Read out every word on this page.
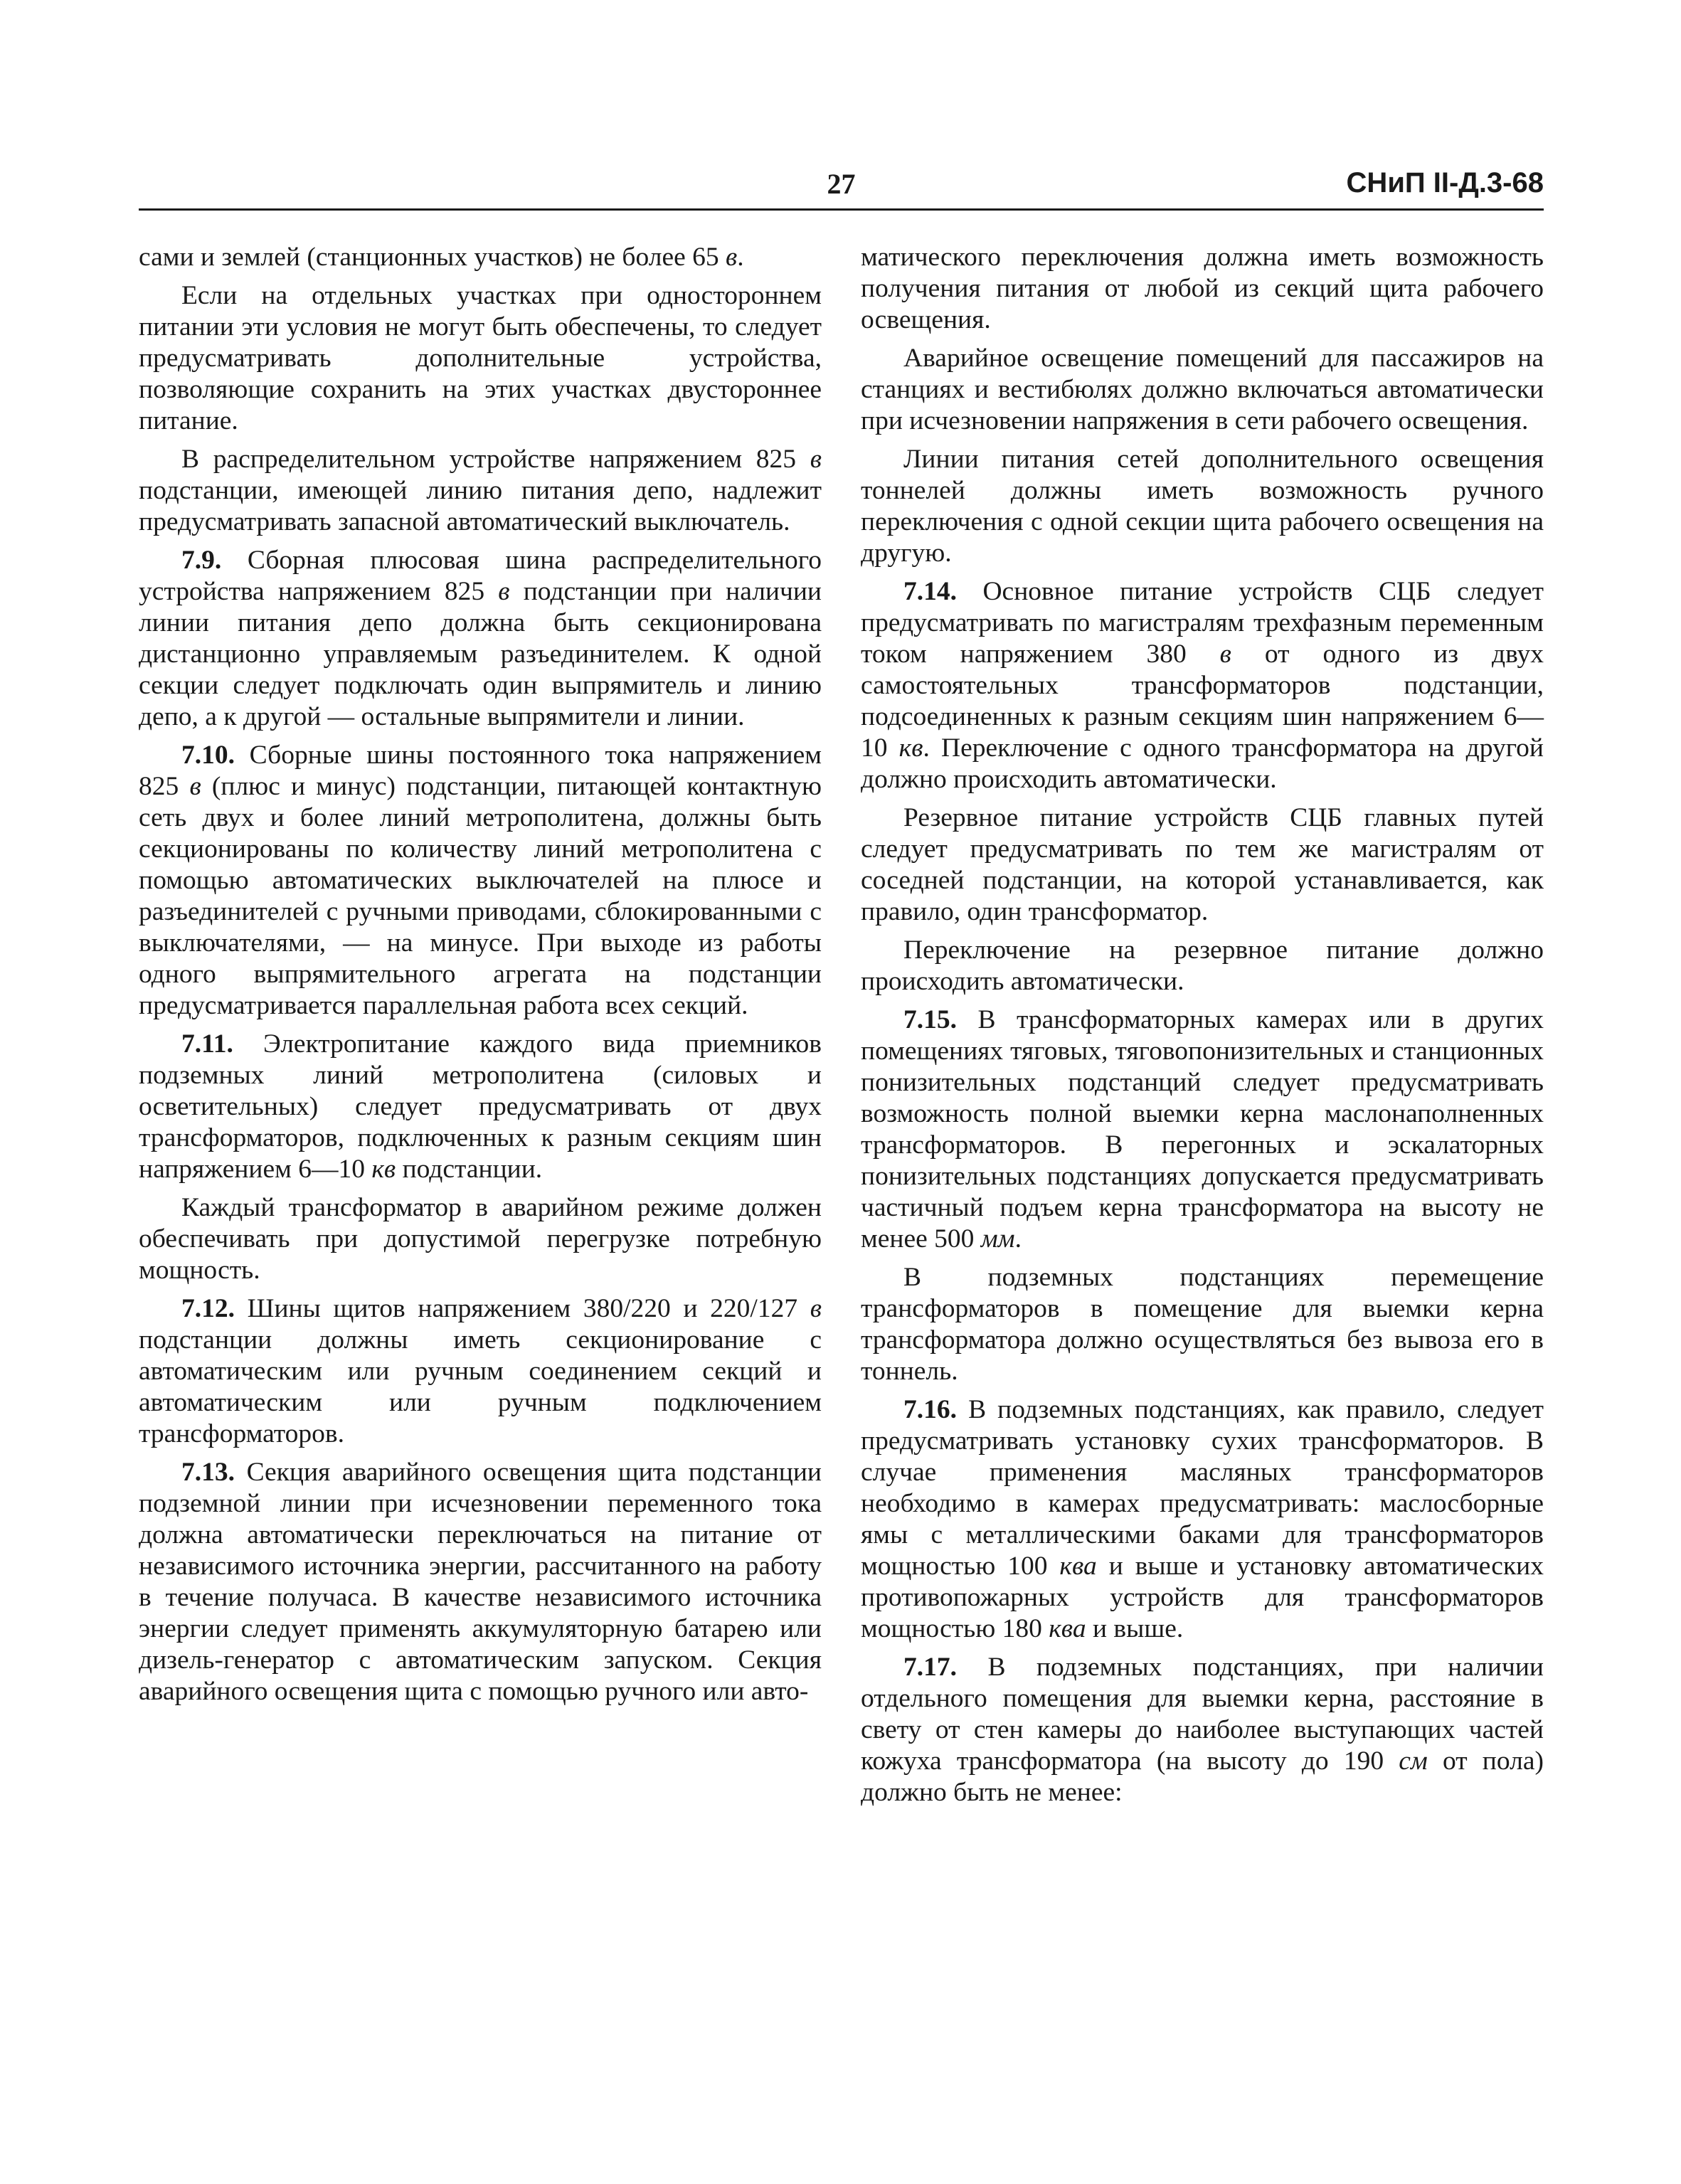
27	СНиП II-Д.3-68

сами и землей (станционных участков) не более 65 в.

Если на отдельных участках при одностороннем питании эти условия не могут быть обеспечены, то следует предусматривать дополнительные устройства, позволяющие сохранить на этих участках двустороннее питание.

В распределительном устройстве напряжением 825 в подстанции, имеющей линию питания депо, надлежит предусматривать запасной автоматический выключатель.

7.9. Сборная плюсовая шина распределительного устройства напряжением 825 в подстанции при наличии линии питания депо должна быть секционирована дистанционно управляемым разъединителем. К одной секции следует подключать один выпрямитель и линию депо, а к другой — остальные выпрямители и линии.

7.10. Сборные шины постоянного тока напряжением 825 в (плюс и минус) подстанции, питающей контактную сеть двух и более линий метрополитена, должны быть секционированы по количеству линий метрополитена с помощью автоматических выключателей на плюсе и разъединителей с ручными приводами, сблокированными с выключателями, — на минусе. При выходе из работы одного выпрямительного агрегата на подстанции предусматривается параллельная работа всех секций.

7.11. Электропитание каждого вида приемников подземных линий метрополитена (силовых и осветительных) следует предусматривать от двух трансформаторов, подключенных к разным секциям шин напряжением 6—10 кв подстанции.

Каждый трансформатор в аварийном режиме должен обеспечивать при допустимой перегрузке потребную мощность.

7.12. Шины щитов напряжением 380/220 и 220/127 в подстанции должны иметь секционирование с автоматическим или ручным соединением секций и автоматическим или ручным подключением трансформаторов.

7.13. Секция аварийного освещения щита подстанции подземной линии при исчезновении переменного тока должна автоматически переключаться на питание от независимого источника энергии, рассчитанного на работу в течение получаса. В качестве независимого источника энергии следует применять аккумуляторную батарею или дизель-генератор с автоматическим запуском. Секция аварийного освещения щита с помощью ручного или авто-

матического переключения должна иметь возможность получения питания от любой из секций щита рабочего освещения.

Аварийное освещение помещений для пассажиров на станциях и вестибюлях должно включаться автоматически при исчезновении напряжения в сети рабочего освещения.

Линии питания сетей дополнительного освещения тоннелей должны иметь возможность ручного переключения с одной секции щита рабочего освещения на другую.

7.14. Основное питание устройств СЦБ следует предусматривать по магистралям трехфазным переменным током напряжением 380 в от одного из двух самостоятельных трансформаторов подстанции, подсоединенных к разным секциям шин напряжением 6—10 кв. Переключение с одного трансформатора на другой должно происходить автоматически.

Резервное питание устройств СЦБ главных путей следует предусматривать по тем же магистралям от соседней подстанции, на которой устанавливается, как правило, один трансформатор.

Переключение на резервное питание должно происходить автоматически.

7.15. В трансформаторных камерах или в других помещениях тяговых, тяговопонизительных и станционных понизительных подстанций следует предусматривать возможность полной выемки керна маслонаполненных трансформаторов. В перегонных и эскалаторных понизительных подстанциях допускается предусматривать частичный подъем керна трансформатора на высоту не менее 500 мм.

В подземных подстанциях перемещение трансформаторов в помещение для выемки керна трансформатора должно осуществляться без вывоза его в тоннель.

7.16. В подземных подстанциях, как правило, следует предусматривать установку сухих трансформаторов. В случае применения масляных трансформаторов необходимо в камерах предусматривать: маслосборные ямы с металлическими баками для трансформаторов мощностью 100 ква и выше и установку автоматических противопожарных устройств для трансформаторов мощностью 180 ква и выше.

7.17. В подземных подстанциях, при наличии отдельного помещения для выемки керна, расстояние в свету от стен камеры до наиболее выступающих частей кожуха трансформатора (на высоту до 190 см от пола) должно быть не менее:
